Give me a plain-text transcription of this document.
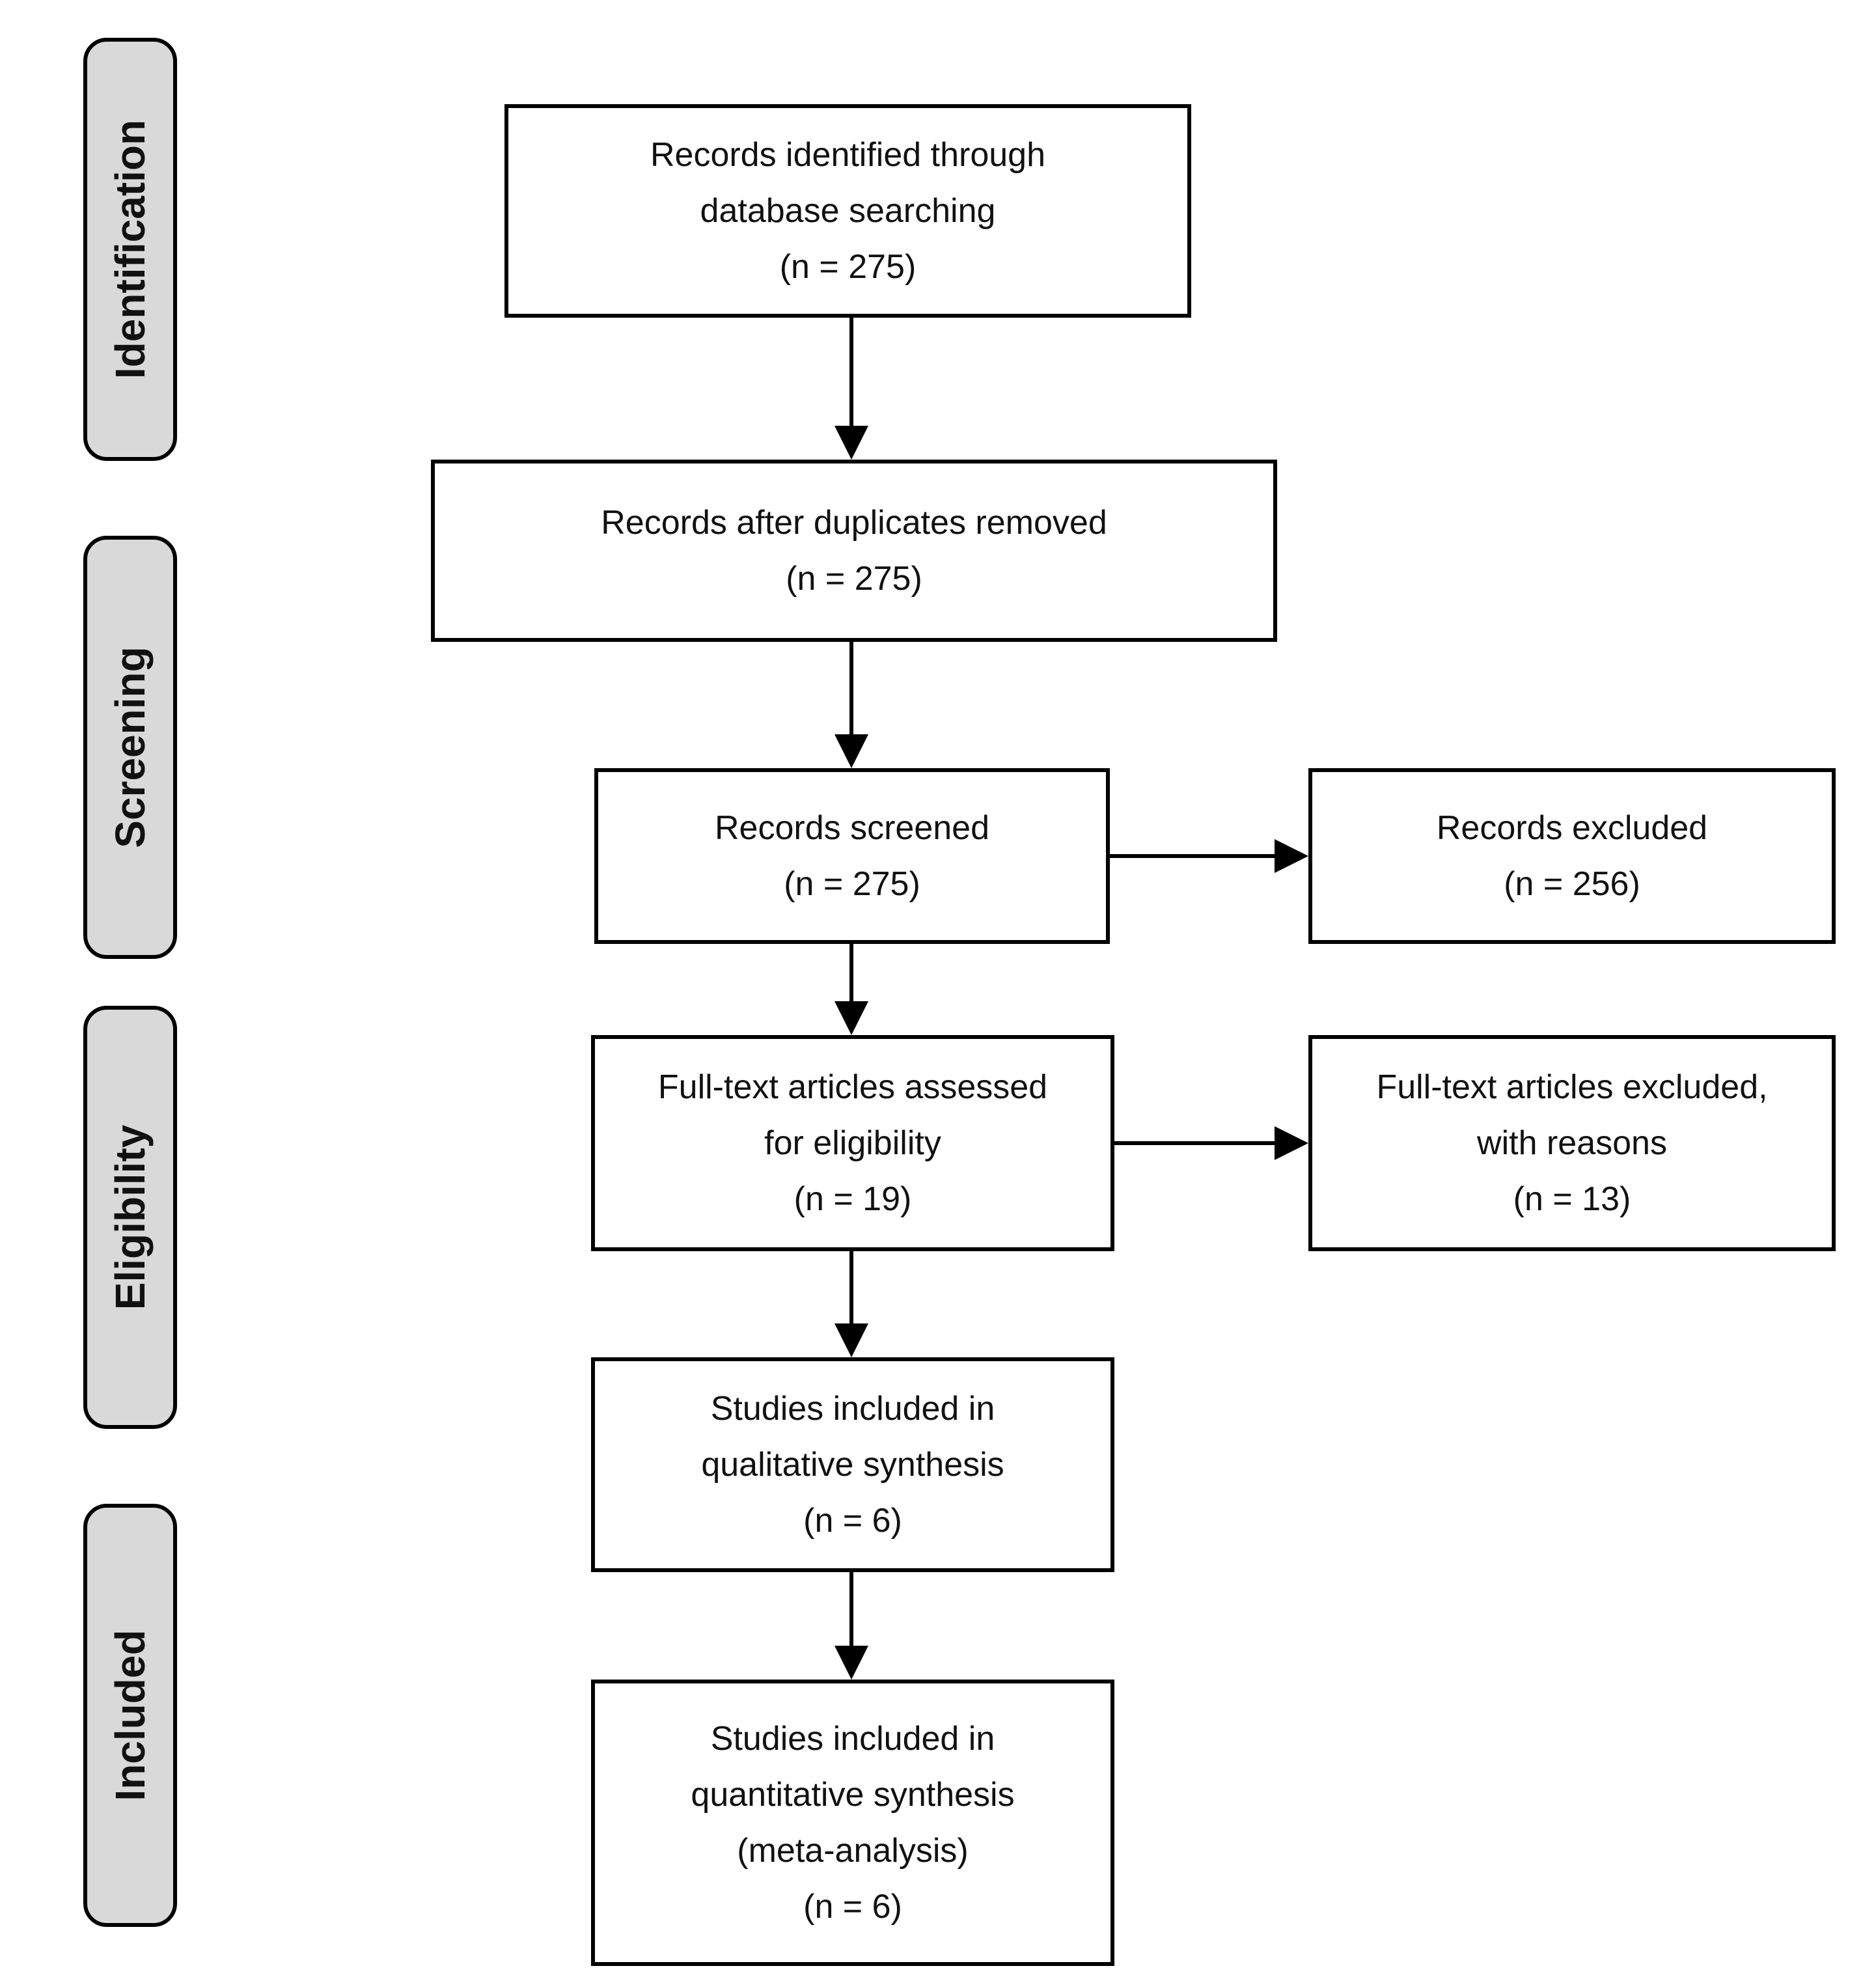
Identification
Screening
Eligibility
Included
Records identified through
database searching
(n = 275)
Records after duplicates removed
(n = 275)
Records screened
(n = 275)
Full-text articles assessed
for eligibility
(n = 19)
Studies included in
qualitative synthesis
(n = 6)
Studies included in
quantitative synthesis
(meta-analysis)
(n = 6)
Records excluded
(n = 256)
Full-text articles excluded,
with reasons
(n = 13)
